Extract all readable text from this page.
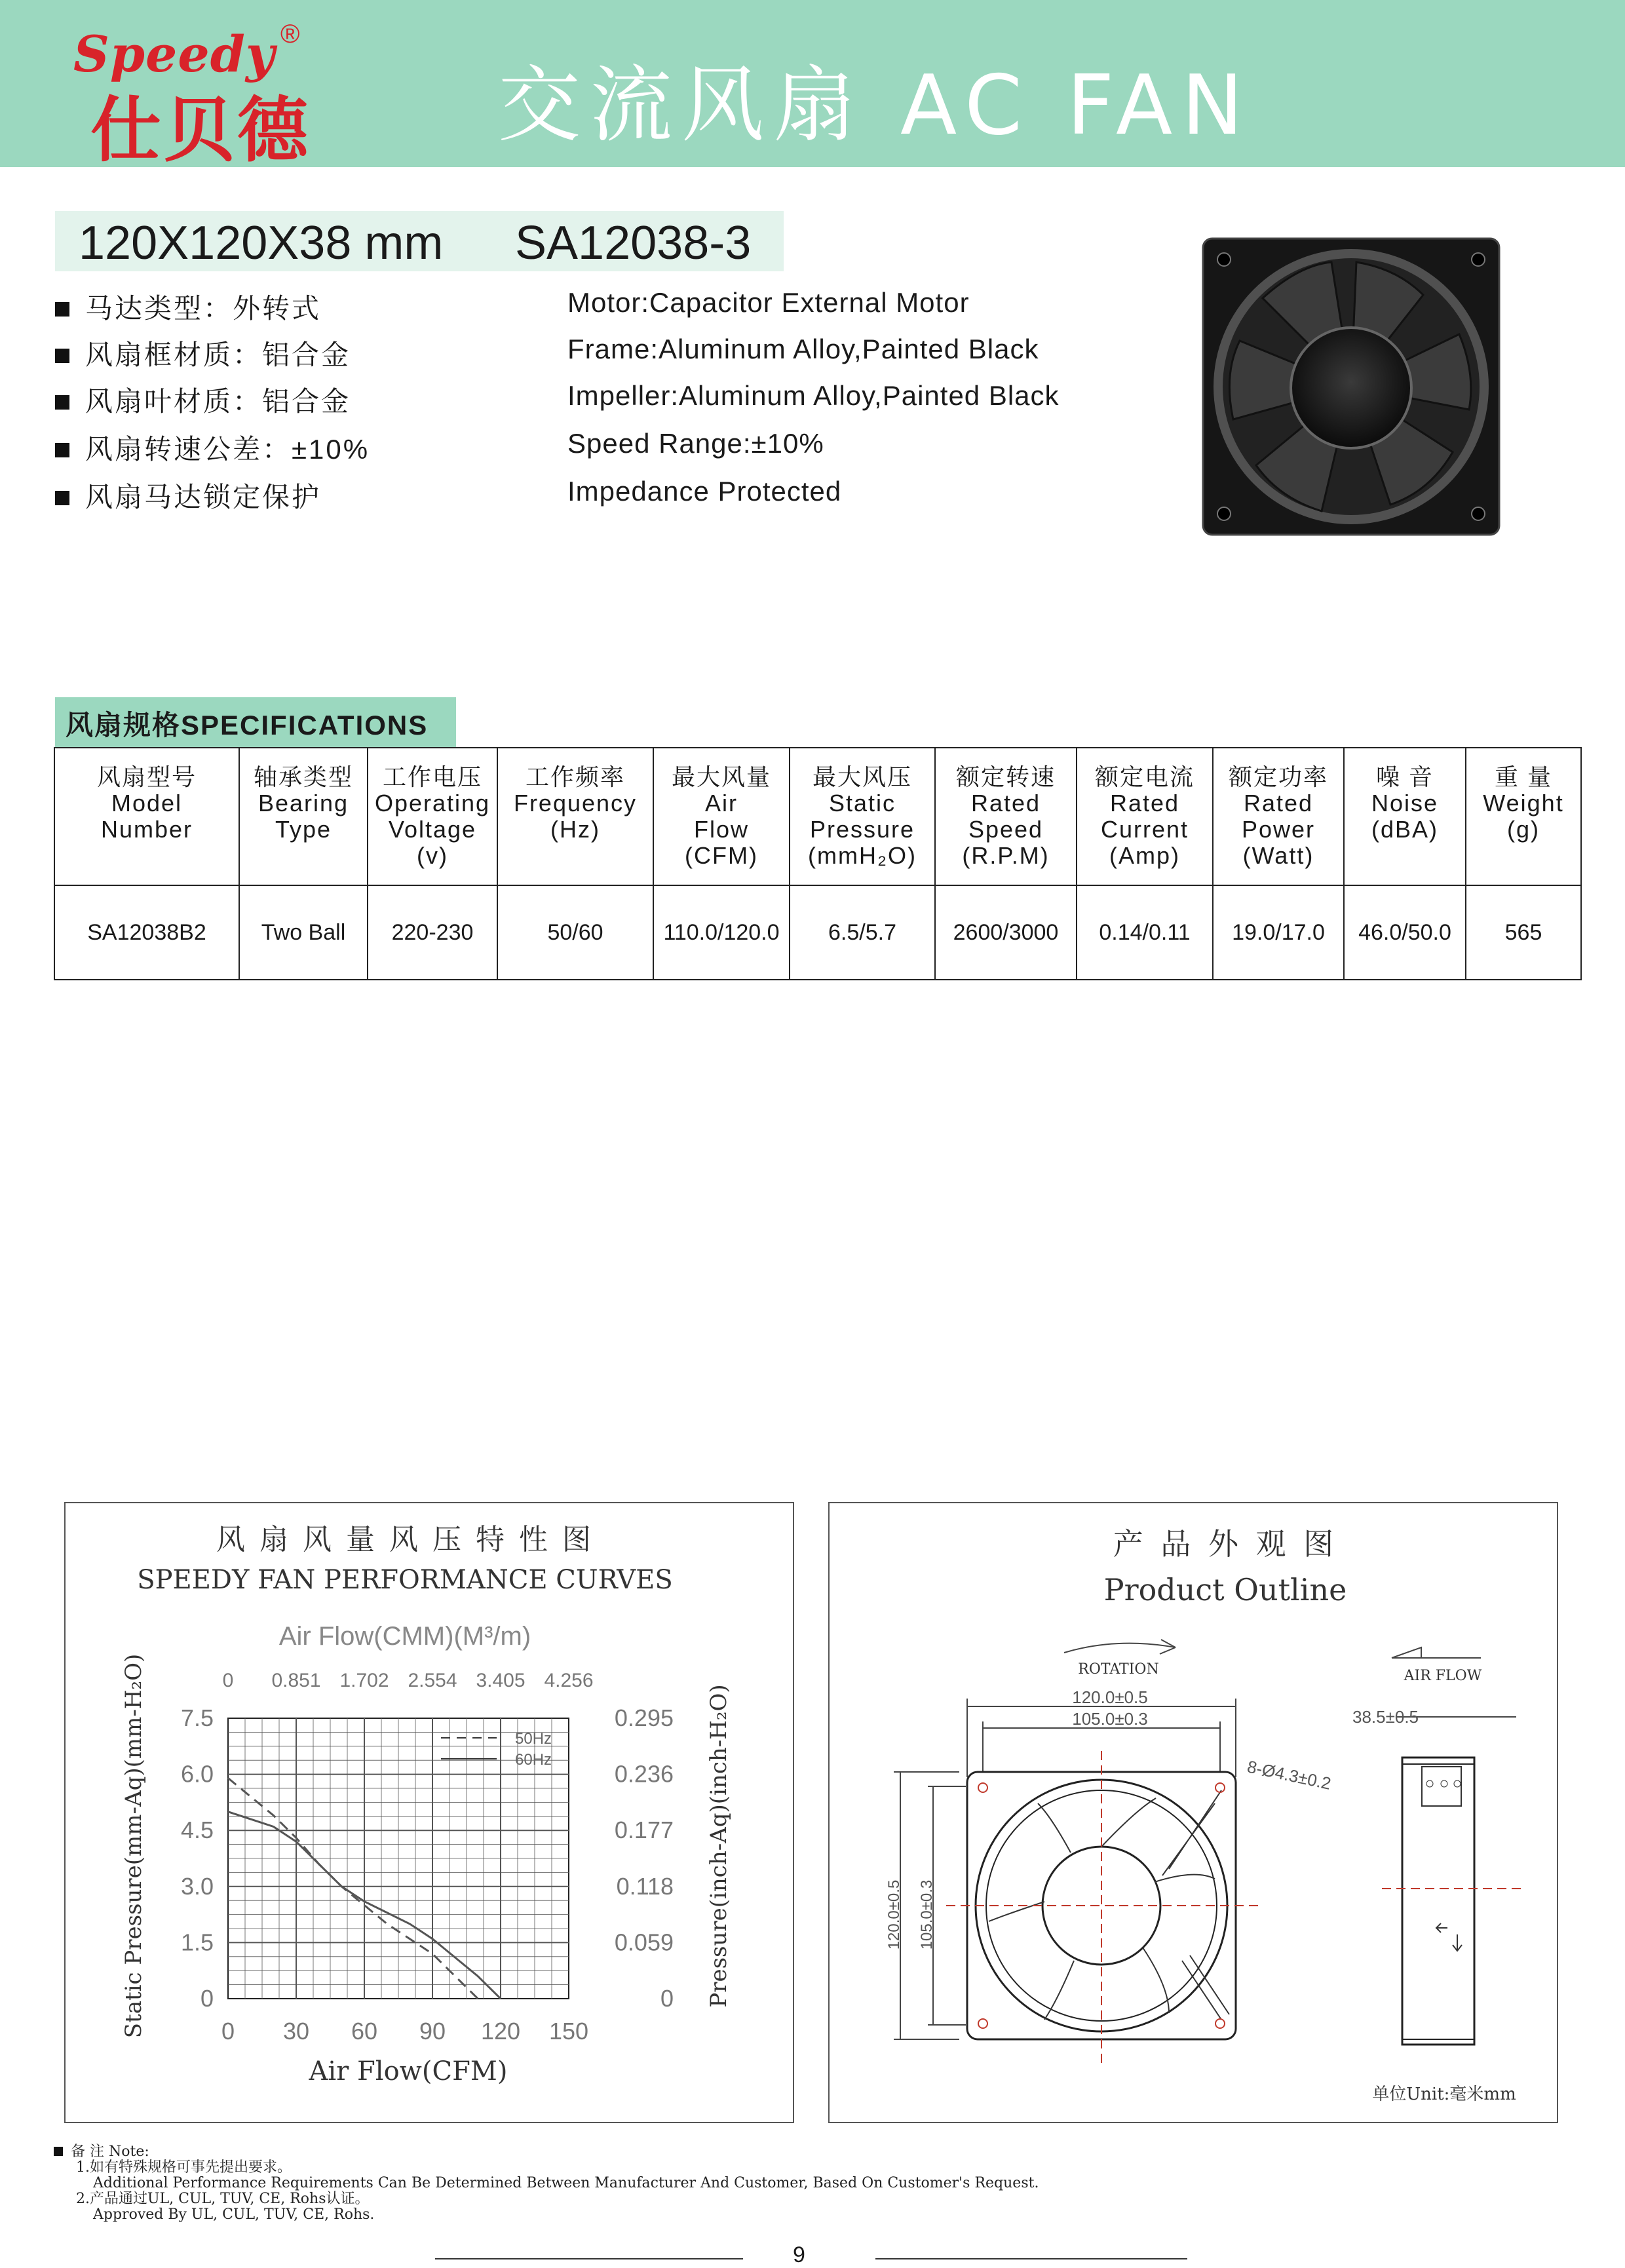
Speedy ®
仕贝德 交流风扇 AC FAN
120X120X38 mm SA12038-3
马达类型：外转式
风扇框材质：铝合金
风扇叶材质：铝合金
风扇转速公差：±10%
风扇马达锁定保护
Motor:Capacitor External Motor
Frame:Aluminum Alloy,Painted Black
Impeller:Aluminum Alloy,Painted Black
Speed Range:±10%
Impedance Protected
风扇规格SPECIFICATIONS
风扇型号
Model
Number	轴承类型
Bearing
Type	工作电压
Operating
Voltage
(v)	工作频率
Frequency
(Hz)	最大风量
Air
Flow
(CFM)	最大风压
Static
Pressure
(mmH₂O)	额定转速
Rated
Speed
(R.P.M)	额定电流
Rated
Current
(Amp)	额定功率
Rated
Power
(Watt)	噪 音
Noise
(dBA)	重 量
Weight
(g)

SA12038B2	Two Ball	220-230	50/60	110.0/120.0	6.5/5.7	2600/3000	0.14/0.11	19.0/17.0	46.0/50.0	565
风 扇 风 量 风 压 特 性 图
SPEEDY FAN PERFORMANCE CURVES
Air Flow(CMM)(M³/m)
0 30 60 90 120 150
0 0.851 1.702 2.554 3.405 4.256
7.5
6.0
4.5
3.0
1.5
0
0.295
0.236
0.177
0.118
0.059
0
50Hz
60Hz
Static Pressure(mm-Aq)(mm-H₂O)	Pressure(inch-Aq)(inch-H₂O)
Air Flow(CFM)
产 品 外 观 图
Product Outline
ROTATION	AIR FLOW
120.0±0.5
105.0±0.3	38.5±0.5
8-Ø4.3±0.2
120.0±0.5 105.0±0.3
单位Unit:毫米mm
备 注 Note:
1.如有特殊规格可事先提出要求。
Additional Performance Requirements Can Be Determined Between Manufacturer And Customer, Based On Customer's Request.
2.产品通过UL, CUL, TUV, CE, Rohs认证。
Approved By UL, CUL, TUV, CE, Rohs.
9
